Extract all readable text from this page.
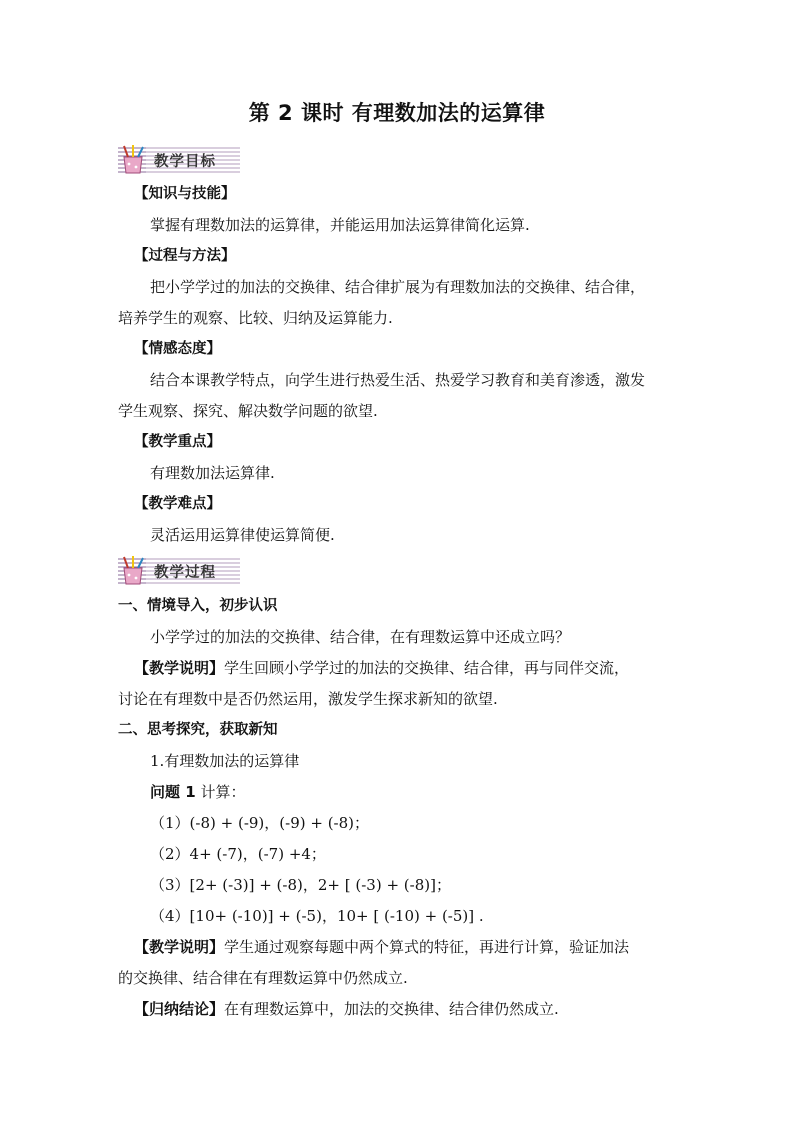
第 2 课时 有理数加法的运算律
教学目标
【知识与技能】
掌握有理数加法的运算律，并能运用加法运算律简化运算.
【过程与方法】
把小学学过的加法的交换律、结合律扩展为有理数加法的交换律、结合律，
培养学生的观察、比较、归纳及运算能力.
【情感态度】
结合本课教学特点，向学生进行热爱生活、热爱学习教育和美育渗透，激发
学生观察、探究、解决数学问题的欲望.
【教学重点】
有理数加法运算律.
【教学难点】
灵活运用运算律使运算简便.
教学过程
一、情境导入，初步认识
小学学过的加法的交换律、结合律，在有理数运算中还成立吗？
【教学说明】学生回顾小学学过的加法的交换律、结合律，再与同伴交流，
讨论在有理数中是否仍然运用，激发学生探求新知的欲望.
二、思考探究，获取新知
1.有理数加法的运算律
问题 1 计算：
（1）(-8) + (-9)，(-9) + (-8)；
（2）4+ (-7)，(-7) +4；
（3）[2+ (-3)] + (-8)，2+ [ (-3) + (-8)]；
（4）[10+ (-10)] + (-5)，10+ [ (-10) + (-5)] .
【教学说明】学生通过观察每题中两个算式的特征，再进行计算，验证加法
的交换律、结合律在有理数运算中仍然成立.
【归纳结论】在有理数运算中，加法的交换律、结合律仍然成立.
